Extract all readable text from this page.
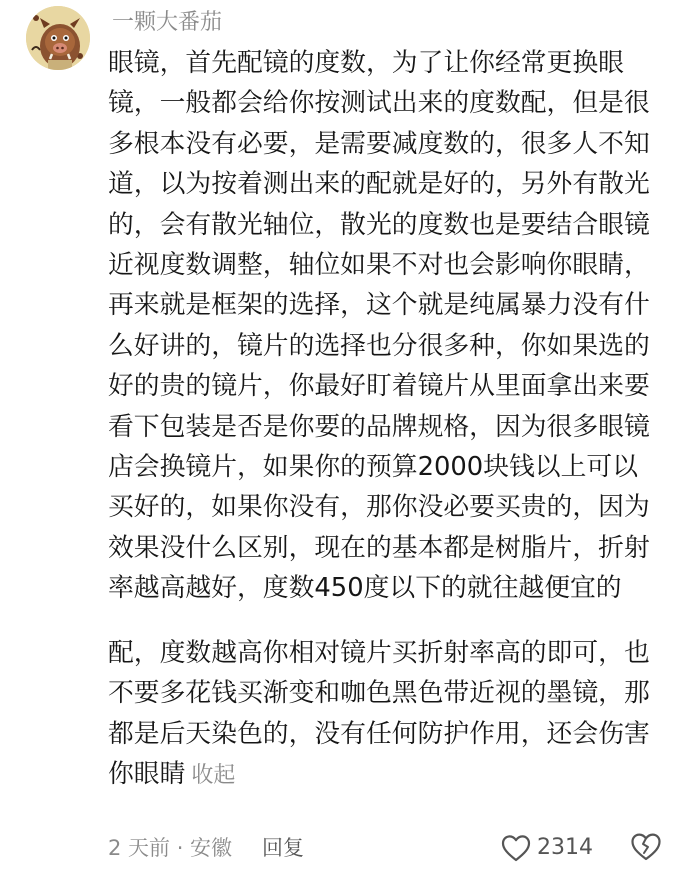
一颗大番茄

眼镜，首先配镜的度数，为了让你经常更换眼镜，一般都会给你按测试出来的度数配，但是很多根本没有必要，是需要减度数的，很多人不知道，以为按着测出来的配就是好的，另外有散光的，会有散光轴位，散光的度数也是要结合眼镜近视度数调整，轴位如果不对也会影响你眼睛，再来就是框架的选择，这个就是纯属暴力没有什么好讲的，镜片的选择也分很多种，你如果选的好的贵的镜片，你最好盯着镜片从里面拿出来要看下包装是否是你要的品牌规格，因为很多眼镜店会换镜片，如果你的预算2000块钱以上可以买好的，如果你没有，那你没必要买贵的，因为效果没什么区别，现在的基本都是树脂片，折射率越高越好，度数450度以下的就往越便宜的

配，度数越高你相对镜片买折射率高的即可，也不要多花钱买渐变和咖色黑色带近视的墨镜，那都是后天染色的，没有任何防护作用，还会伤害你眼睛 收起

2 天前 · 安徽 回复	2314
